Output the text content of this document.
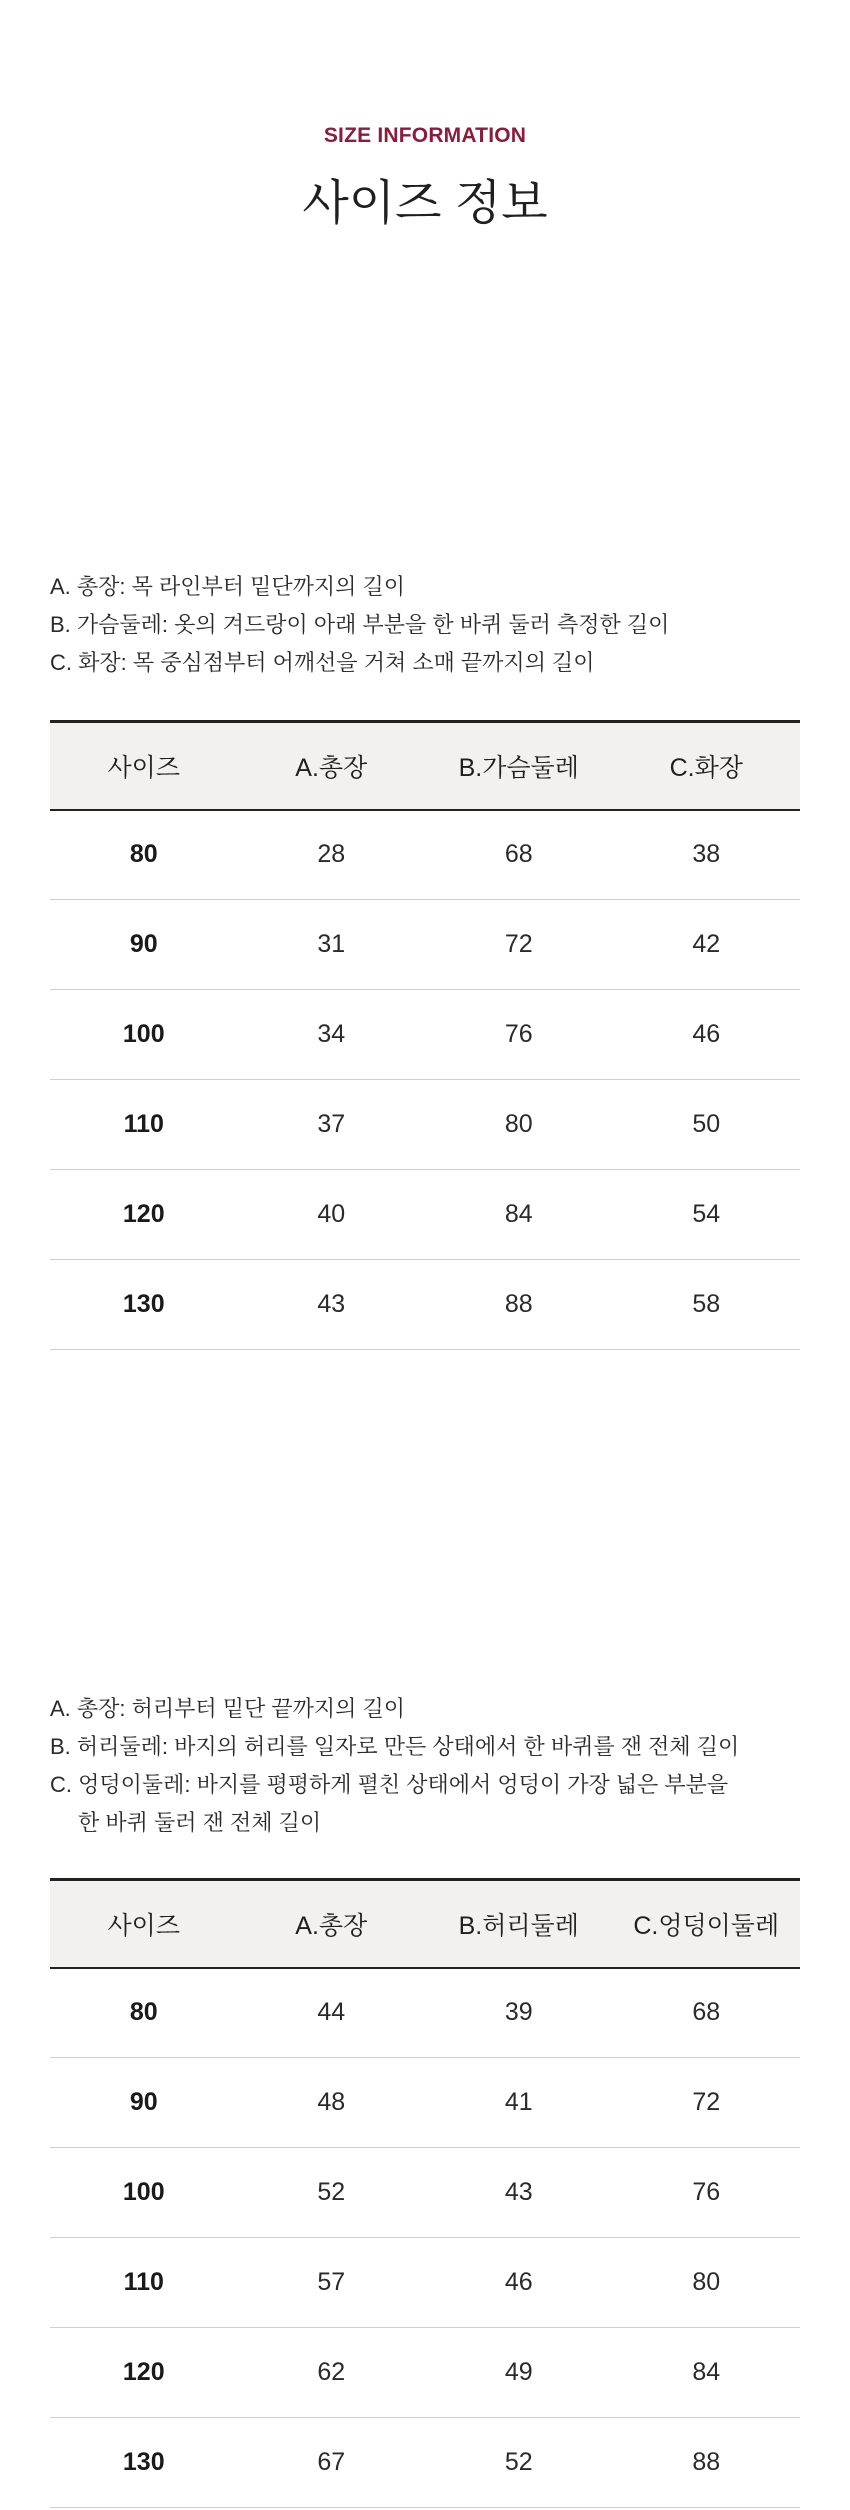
SIZE INFORMATION
사이즈 정보

A. 총장: 목 라인부터 밑단까지의 길이

B. 가슴둘레: 옷의 겨드랑이 아래 부분을 한 바퀴 둘러 측정한 길이

C. 화장: 목 중심점부터 어깨선을 거쳐 소매 끝까지의 길이

사이즈	A.총장	B.가슴둘레	C.화장
80	28	68	38
90	31	72	42
100	34	76	46
110	37	80	50
120	40	84	54
130	43	88	58

A. 총장: 허리부터 밑단 끝까지의 길이

B. 허리둘레: 바지의 허리를 일자로 만든 상태에서 한 바퀴를 잰 전체 길이

C. 엉덩이둘레: 바지를 평평하게 펼친 상태에서 엉덩이 가장 넓은 부분을

한 바퀴 둘러 잰 전체 길이

사이즈	A.총장	B.허리둘레	C.엉덩이둘레
80	44	39	68
90	48	41	72
100	52	43	76
110	57	46	80
120	62	49	84
130	67	52	88
